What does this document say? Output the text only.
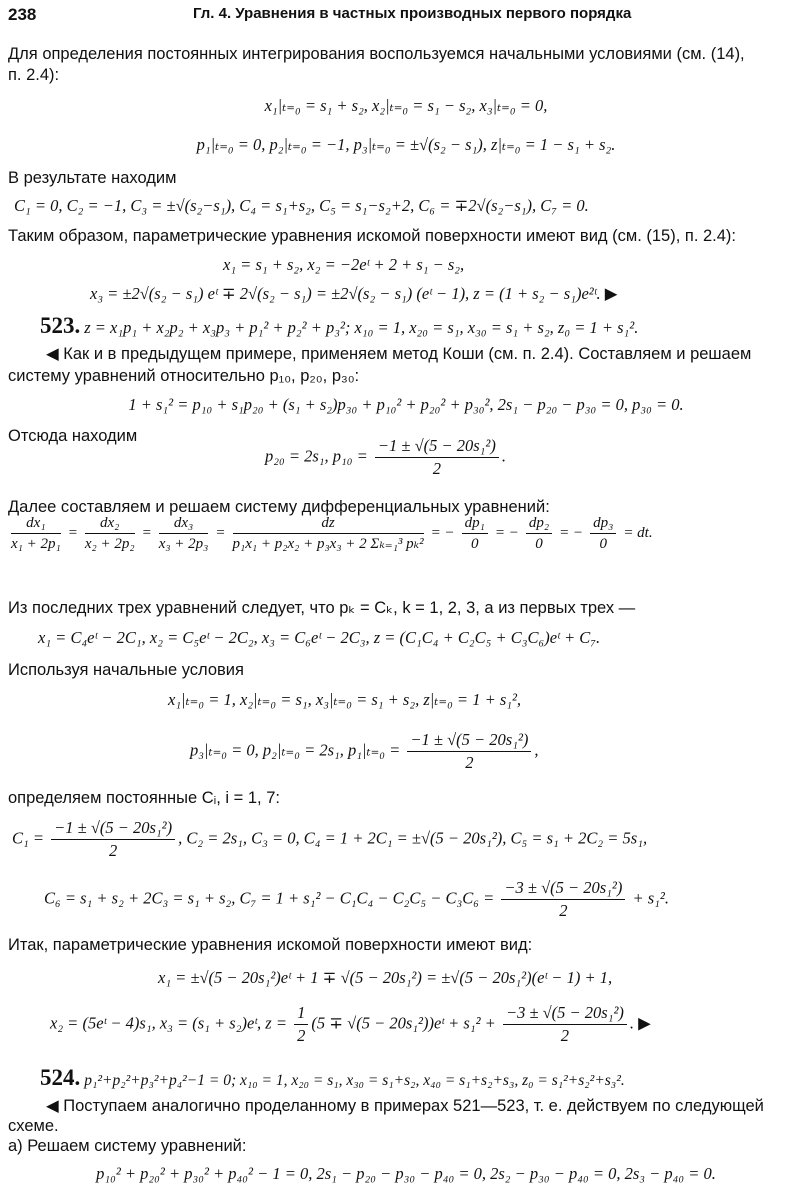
238	Гл. 4. Уравнения в частных производных первого порядка
Для определения постоянных интегрирования воспользуемся начальными условиями (см. (14),
п. 2.4):
x₁|ₜ₌₀ = s₁ + s₂, x₂|ₜ₌₀ = s₁ − s₂, x₃|ₜ₌₀ = 0,
p₁|ₜ₌₀ = 0, p₂|ₜ₌₀ = −1, p₃|ₜ₌₀ = ±√(s₂ − s₁), z|ₜ₌₀ = 1 − s₁ + s₂.
В результате находим
C₁ = 0, C₂ = −1, C₃ = ±√(s₂−s₁), C₄ = s₁+s₂, C₅ = s₁−s₂+2, C₆ = ∓2√(s₂−s₁), C₇ = 0.
Таким образом, параметрические уравнения искомой поверхности имеют вид (см. (15), п. 2.4):
x₁ = s₁ + s₂, x₂ = −2eᵗ + 2 + s₁ − s₂,
x₃ = ±2√(s₂ − s₁) eᵗ ∓ 2√(s₂ − s₁) = ±2√(s₂ − s₁) (eᵗ − 1), z = (1 + s₂ − s₁)e²ᵗ. ▶
523. z = x₁p₁ + x₂p₂ + x₃p₃ + p₁² + p₂² + p₃²; x₁₀ = 1, x₂₀ = s₁, x₃₀ = s₁ + s₂, z₀ = 1 + s₁².
◀ Как и в предыдущем примере, применяем метод Коши (см. п. 2.4). Составляем и решаем
систему уравнений относительно p₁₀, p₂₀, p₃₀:
1 + s₁² = p₁₀ + s₁p₂₀ + (s₁ + s₂)p₃₀ + p₁₀² + p₂₀² + p₃₀², 2s₁ − p₂₀ − p₃₀ = 0, p₃₀ = 0.
Отсюда находим
p₂₀ = 2s₁, $p_{10} = \frac{\text{−1 ± √(5 − 20s₁²)}}{2}$ .
Далее составляем и решаем систему дифференциальных уравнений:
$\frac{\text{dx₁}}{\text{x₁ + 2p₁}} = \frac{\text{dx₂}}{\text{x₂ + 2p₂}} = \frac{\text{dx₃}}{\text{x₃ + 2p₃}} = \frac{dz}{\text{p₁x₁ + p₂x₂ + p₃x₃ + 2 Σₖ₌₁³ pₖ²}}$ = − $\frac{\text{dp₁}}{0}$ = − $\frac{\text{dp₂}}{0}$ = − $\frac{\text{dp₃}}{0}$ = dt.
Из последних трех уравнений следует, что pₖ = Cₖ, k = 1, 2, 3, а из первых трех —
x₁ = C₄eᵗ − 2C₁, x₂ = C₅eᵗ − 2C₂, x₃ = C₆eᵗ − 2C₃, z = (C₁C₄ + C₂C₅ + C₃C₆)eᵗ + C₇.
Используя начальные условия
x₁|ₜ₌₀ = 1, x₂|ₜ₌₀ = s₁, x₃|ₜ₌₀ = s₁ + s₂, z|ₜ₌₀ = 1 + s₁²,
p₃|ₜ₌₀ = 0, p₂|ₜ₌₀ = 2s₁, $p_1|_{t=0} = \frac{\text{−1 ± √(5 − 20s₁²)}}{2}$ ,
определяем постоянные Cᵢ, i = 1, 7:
$C_1 = \frac{\text{−1 ± √(5 − 20s₁²)}}{2}$ , C₂ = 2s₁, C₃ = 0, C₄ = 1 + 2C₁ = ±√(5 − 20s₁²), C₅ = s₁ + 2C₂ = 5s₁,
C₆ = s₁ + s₂ + 2C₃ = s₁ + s₂, $C_7 = 1 + s_1^2 - C_1C_4 - C_2C_5 - C_3C_6 = \frac{\text{−3 ± √(5 − 20s₁²)}}{2} + s_1^2$.
Итак, параметрические уравнения искомой поверхности имеют вид:
x₁ = ±√(5 − 20s₁²)eᵗ + 1 ∓ √(5 − 20s₁²) = ±√(5 − 20s₁²)(eᵗ − 1) + 1,
x₂ = (5eᵗ − 4)s₁, x₃ = (s₁ + s₂)eᵗ, $z = \frac{1}{2} (5 \mp √(5$ − 20s₁²))eᵗ + $s_1^2 + \frac{\text{−3 ± √(5 − 20s₁²)}}{2}$ . ▶
524. p₁²+p₂²+p₃²+p₄²−1 = 0; x₁₀ = 1, x₂₀ = s₁, x₃₀ = s₁+s₂, x₄₀ = s₁+s₂+s₃, z₀ = s₁²+s₂²+s₃².
◀ Поступаем аналогично проделанному в примерах 521—523, т. е. действуем по следующей
схеме.
а) Решаем систему уравнений:
p₁₀² + p₂₀² + p₃₀² + p₄₀² − 1 = 0, 2s₁ − p₂₀ − p₃₀ − p₄₀ = 0, 2s₂ − p₃₀ − p₄₀ = 0, 2s₃ − p₄₀ = 0.
